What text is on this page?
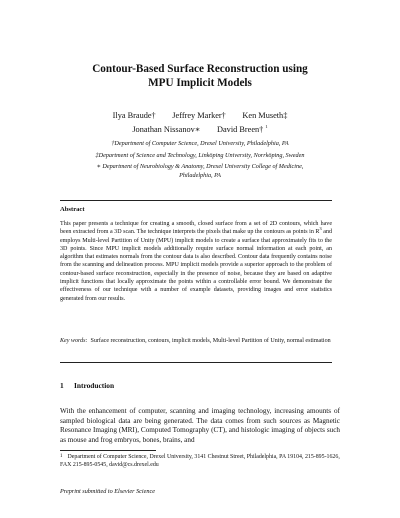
Contour-Based Surface Reconstruction using
MPU Implicit Models
Ilya Braude†        Jeffrey Marker†        Ken Museth‡
Jonathan Nissanov∗        David Breen† $^1$
†Department of Computer Science, Drexel University, Philadelphia, PA
‡Department of Science and Technology, Linköping University, Norrköping, Sweden
∗ Department of Neurobiology & Anatomy, Drexel University College of Medicine,
Philadelphia, PA
Abstract
This paper presents a technique for creating a smooth, closed surface from a set of 2D contours, which have been extracted from a 3D scan. The technique interprets the pixels that make up the contours as points in $R^3$ and employs Multi-level Partition of Unity (MPU) implicit models to create a surface that approximately fits to the 3D points. Since MPU implicit models additionally require surface normal information at each point, an algorithm that estimates normals from the contour data is also described. Contour data frequently contains noise from the scanning and delineation process. MPU implicit models provide a superior approach to the problem of contour-based surface reconstruction, especially in the presence of noise, because they are based on adaptive implicit functions that locally approximate the points within a controllable error bound. We demonstrate the effectiveness of our technique with a number of example datasets, providing images and error statistics generated from our results.
Key words: Surface reconstruction, contours, implicit models, Multi-level Partition of Unity, normal estimation
1 Introduction
With the enhancement of computer, scanning and imaging technology, increasing amounts of sampled biological data are being generated. The data comes from such sources as Magnetic Resonance Imaging (MRI), Computed Tomography (CT), and histologic imaging of objects such as mouse and frog embryos, bones, brains, and
$^1$ Department of Computer Science, Drexel University, 3141 Chestnut Street, Philadelphia, PA 19104, 215-895-1626, FAX 215-895-0545, david@cs.drexel.edu
Preprint submitted to Elsevier Science
